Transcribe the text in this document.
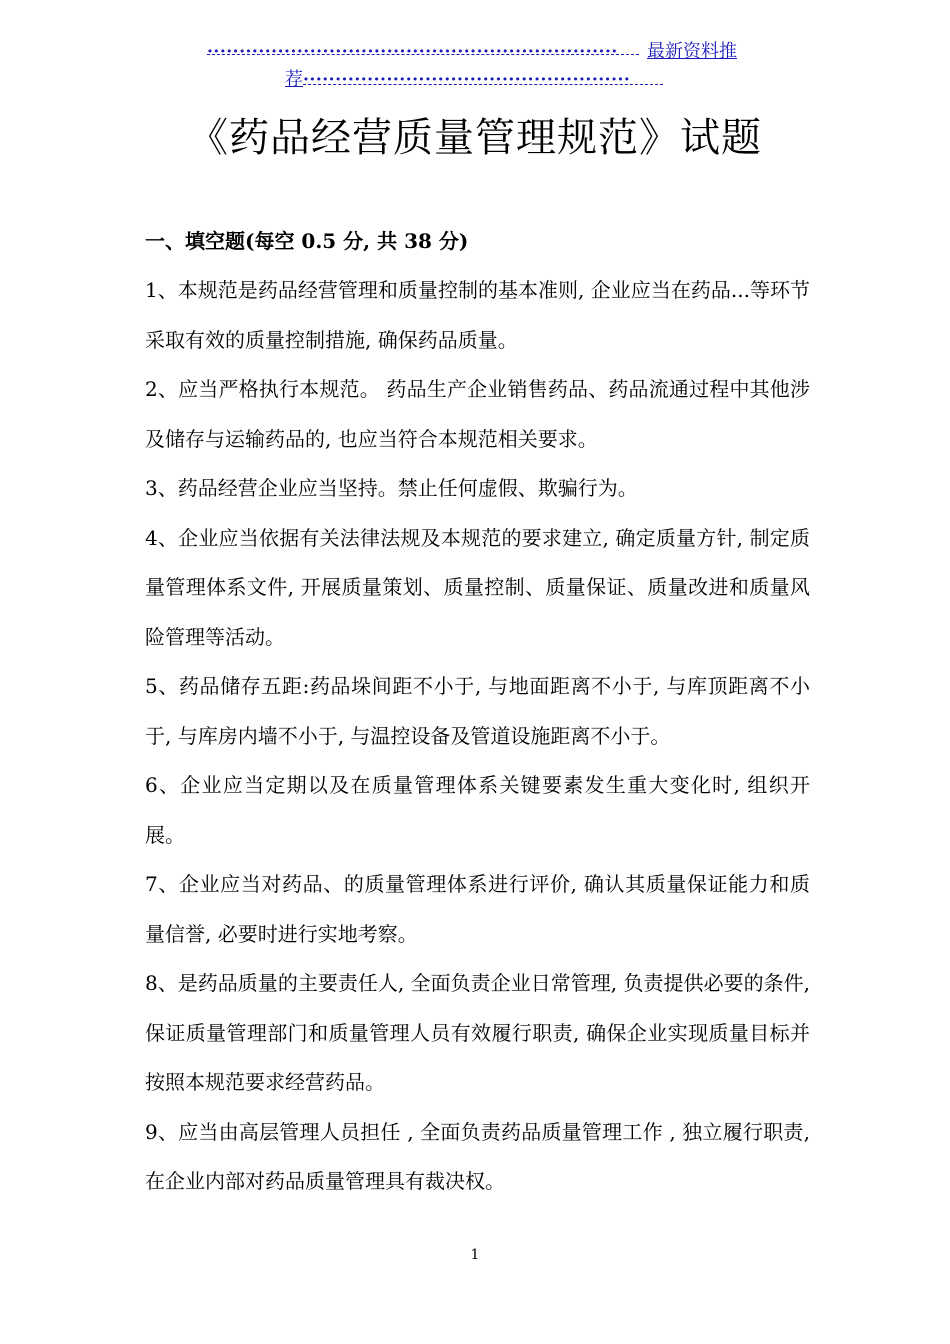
································································	最新资料推
荐 ···················································
《药品经营质量管理规范》试题
一、填空题(每空 0.5 分, 共 38 分)

1、本规范是药品经营管理和质量控制的基本准则, 企业应当在药品...等环节采取有效的质量控制措施, 确保药品质量。

2、应当严格执行本规范。 药品生产企业销售药品、药品流通过程中其他涉及储存与运输药品的, 也应当符合本规范相关要求。

3、药品经营企业应当坚持。禁止任何虚假、欺骗行为。

4、企业应当依据有关法律法规及本规范的要求建立, 确定质量方针, 制定质量管理体系文件, 开展质量策划、质量控制、质量保证、质量改进和质量风险管理等活动。

5、药品储存五距:药品垛间距不小于, 与地面距离不小于, 与库顶距离不小于, 与库房内墙不小于, 与温控设备及管道设施距离不小于。

6、企业应当定期以及在质量管理体系关键要素发生重大变化时, 组织开展。

7、企业应当对药品、的质量管理体系进行评价, 确认其质量保证能力和质量信誉, 必要时进行实地考察。

8、是药品质量的主要责任人, 全面负责企业日常管理, 负责提供必要的条件, 保证质量管理部门和质量管理人员有效履行职责, 确保企业实现质量目标并按照本规范要求经营药品。

9、应当由高层管理人员担任 , 全面负责药品质量管理工作 , 独立履行职责, 在企业内部对药品质量管理具有裁决权。

1
